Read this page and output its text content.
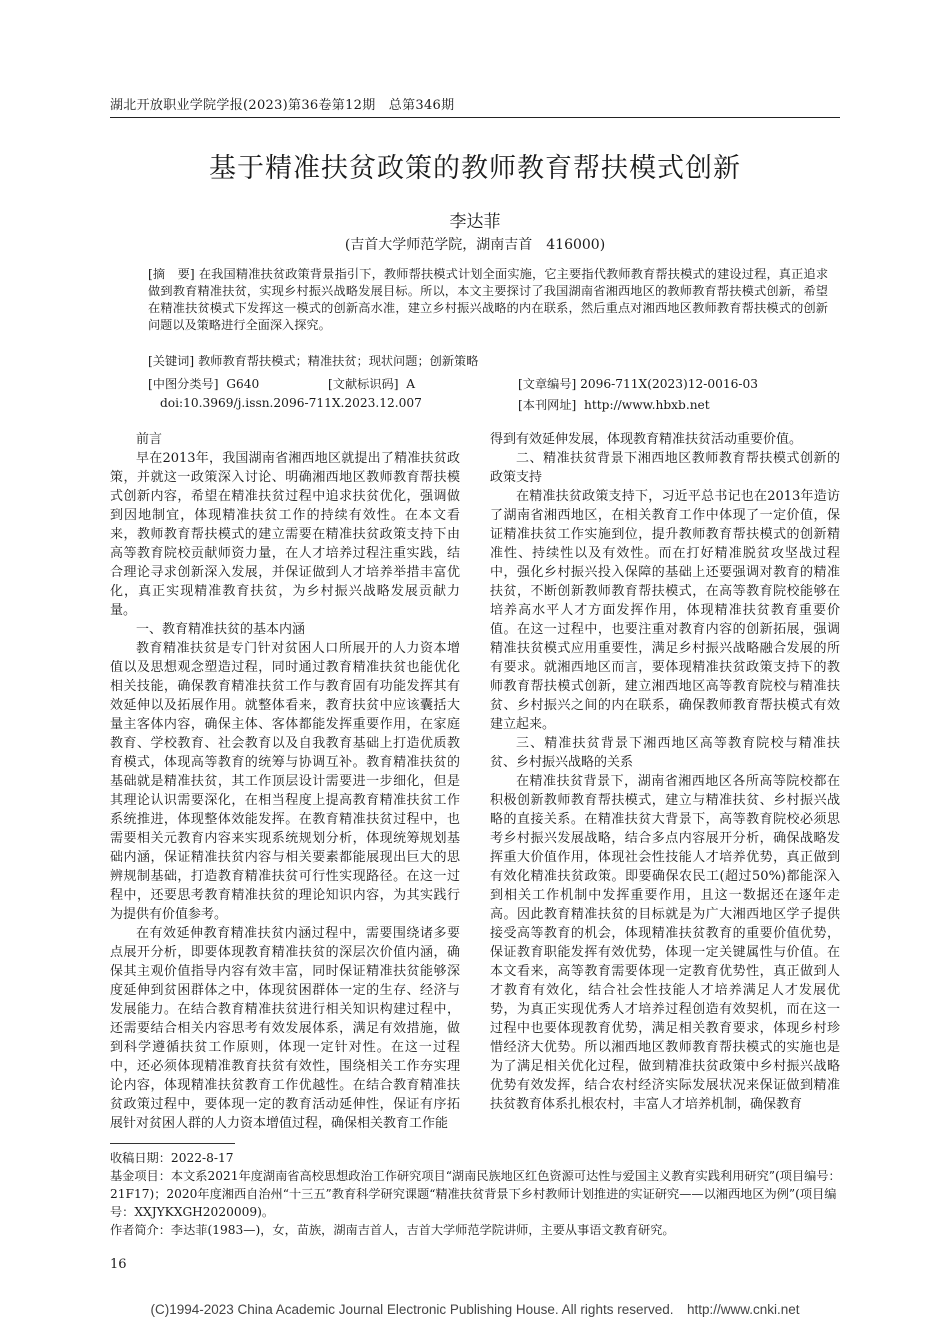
湖北开放职业学院学报(2023)第36卷第12期　总第346期
基于精准扶贫政策的教师教育帮扶模式创新
李达菲
(吉首大学师范学院，湖南吉首　416000)
[摘　要] 在我国精准扶贫政策背景指引下，教师帮扶模式计划全面实施，它主要指代教师教育帮扶模式的建设过程，真正追求做到教育精准扶贫，实现乡村振兴战略发展目标。所以，本文主要探讨了我国湖南省湘西地区的教师教育帮扶模式创新，希望在精准扶贫模式下发挥这一模式的创新高水准，建立乡村振兴战略的内在联系，然后重点对湘西地区教师教育帮扶模式的创新问题以及策略进行全面深入探究。
[关键词] 教师教育帮扶模式；精准扶贫；现状问题；创新策略
[中图分类号] G640	[文献标识码] A	[文章编号] 2096-711X(2023)12-0016-03
doi:10.3969/j.issn.2096-711X.2023.12.007	[本刊网址] http://www.hbxb.net
前言

早在2013年，我国湖南省湘西地区就提出了精准扶贫政策，并就这一政策深入讨论、明确湘西地区教师教育帮扶模式创新内容，希望在精准扶贫过程中追求扶贫优化，强调做到因地制宜，体现精准扶贫工作的持续有效性。在本文看来，教师教育帮扶模式的建立需要在精准扶贫政策支持下由高等教育院校贡献师资力量，在人才培养过程注重实践，结合理论寻求创新深入发展，并保证做到人才培养举措丰富优化，真正实现精准教育扶贫，为乡村振兴战略发展贡献力量。

一、教育精准扶贫的基本内涵

教育精准扶贫是专门针对贫困人口所展开的人力资本增值以及思想观念塑造过程，同时通过教育精准扶贫也能优化相关技能，确保教育精准扶贫工作与教育固有功能发挥其有效延伸以及拓展作用。就整体看来，教育扶贫中应该囊括大量主客体内容，确保主体、客体都能发挥重要作用，在家庭教育、学校教育、社会教育以及自我教育基础上打造优质教育模式，体现高等教育的统筹与协调互补。教育精准扶贫的基础就是精准扶贫，其工作顶层设计需要进一步细化，但是其理论认识需要深化，在相当程度上提高教育精准扶贫工作系统推进，体现整体效能发挥。在教育精准扶贫过程中，也需要相关元教育内容来实现系统规划分析，体现统筹规划基础内涵，保证精准扶贫内容与相关要素都能展现出巨大的思辨规制基础，打造教育精准扶贫可行性实现路径。在这一过程中，还要思考教育精准扶贫的理论知识内容，为其实践行为提供有价值参考。

在有效延伸教育精准扶贫内涵过程中，需要围绕诸多要点展开分析，即要体现教育精准扶贫的深层次价值内涵，确保其主观价值指导内容有效丰富，同时保证精准扶贫能够深度延伸到贫困群体之中，体现贫困群体一定的生存、经济与发展能力。在结合教育精准扶贫进行相关知识构建过程中，还需要结合相关内容思考有效发展体系，满足有效措施，做到科学遵循扶贫工作原则，体现一定针对性。在这一过程中，还必须体现精准教育扶贫有效性，围绕相关工作夯实理论内容，体现精准扶贫教育工作优越性。在结合教育精准扶贫政策过程中，要体现一定的教育活动延伸性，保证有序拓展针对贫困人群的人力资本增值过程，确保相关教育工作能

得到有效延伸发展，体现教育精准扶贫活动重要价值。

二、精准扶贫背景下湘西地区教师教育帮扶模式创新的政策支持

在精准扶贫政策支持下，习近平总书记也在2013年造访了湖南省湘西地区，在相关教育工作中体现了一定价值，保证精准扶贫工作实施到位，提升教师教育帮扶模式的创新精准性、持续性以及有效性。而在打好精准脱贫攻坚战过程中，强化乡村振兴投入保障的基础上还要强调对教育的精准扶贫，不断创新教师教育帮扶模式，在高等教育院校能够在培养高水平人才方面发挥作用，体现精准扶贫教育重要价值。在这一过程中，也要注重对教育内容的创新拓展，强调精准扶贫模式应用重要性，满足乡村振兴战略融合发展的所有要求。就湘西地区而言，要体现精准扶贫政策支持下的教师教育帮扶模式创新，建立湘西地区高等教育院校与精准扶贫、乡村振兴之间的内在联系，确保教师教育帮扶模式有效建立起来。

三、精准扶贫背景下湘西地区高等教育院校与精准扶贫、乡村振兴战略的关系

在精准扶贫背景下，湖南省湘西地区各所高等院校都在积极创新教师教育帮扶模式，建立与精准扶贫、乡村振兴战略的直接关系。在精准扶贫大背景下，高等教育院校必须思考乡村振兴发展战略，结合多点内容展开分析，确保战略发挥重大价值作用，体现社会性技能人才培养优势，真正做到有效化精准扶贫政策。即要确保农民工(超过50%)都能深入到相关工作机制中发挥重要作用，且这一数据还在逐年走高。因此教育精准扶贫的目标就是为广大湘西地区学子提供接受高等教育的机会，体现精准扶贫教育的重要价值优势，保证教育职能发挥有效优势，体现一定关键属性与价值。在本文看来，高等教育需要体现一定教育优势性，真正做到人才教育有效化，结合社会性技能人才培养满足人才发展优势，为真正实现优秀人才培养过程创造有效契机，而在这一过程中也要体现教育优势，满足相关教育要求，体现乡村珍惜经济大优势。所以湘西地区教师教育帮扶模式的实施也是为了满足相关优化过程，做到精准扶贫政策中乡村振兴战略优势有效发挥，结合农村经济实际发展状况来保证做到精准扶贫教育体系扎根农村，丰富人才培养机制，确保教育

收稿日期：2022-8-17

基金项目：本文系2021年度湖南省高校思想政治工作研究项目“湖南民族地区红色资源可达性与爱国主义教育实践利用研究”(项目编号：21F17)；2020年度湘西自治州“十三五”教育科学研究课题“精准扶贫背景下乡村教师计划推进的实证研究——以湘西地区为例”(项目编号：XXJYKXGH2020009)。

作者简介：李达菲(1983—)，女，苗族，湖南吉首人，吉首大学师范学院讲师，主要从事语文教育研究。

16
(C)1994-2023 China Academic Journal Electronic Publishing House. All rights reserved.　http://www.cnki.net
